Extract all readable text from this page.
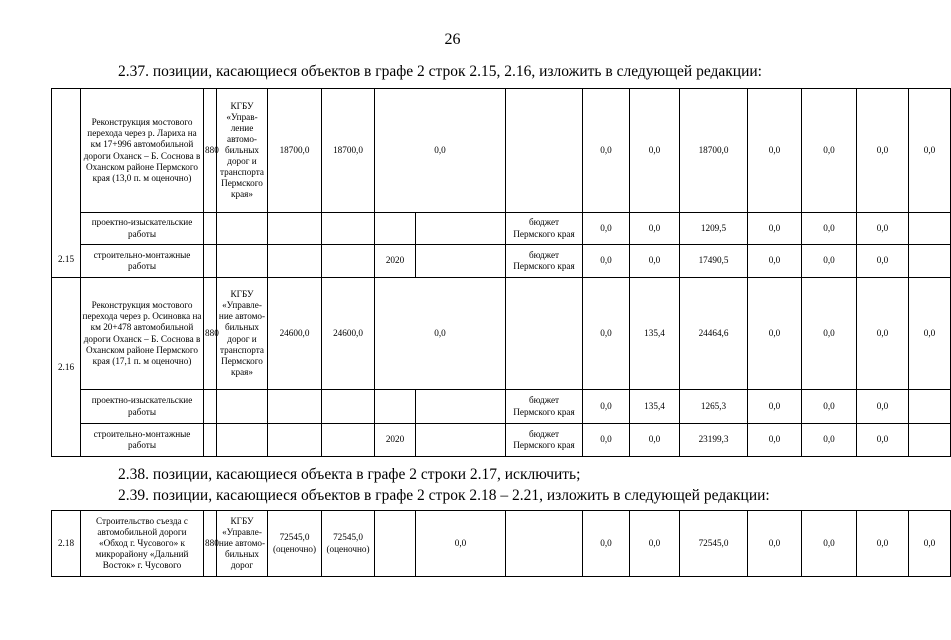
26
2.37. позиции, касающиеся объектов в графе 2 строк 2.15, 2.16, изложить в следующей редакции:
2.15	Реконструкция мостового перехода через р. Лариха на км 17+996 автомобильной дороги Оханск – Б. Соснова в Оханском районе Пермского края (13,0 п. м оценочно)	880	КГБУ «Управ-ление автомо-бильных дорог и транспорта Пермского края»	18700,0	18700,0	0,0			0,0	0,0	18700,0	0,0	0,0	0,0	0,0
	проектно-изыскательские работы							бюджет Пермского края	0,0	0,0	1209,5	0,0	0,0	0,0	
	строительно-монтажные работы					2020		бюджет Пермского края	0,0	0,0	17490,5	0,0	0,0	0,0	
2.16	Реконструкция мостового перехода через р. Осиновка на км 20+478 автомобильной дороги Оханск – Б. Соснова в Оханском районе Пермского края (17,1 п. м оценочно)	880	КГБУ «Управле-ние автомо-бильных дорог и транспорта Пермского края»	24600,0	24600,0	0,0			0,0	135,4	24464,6	0,0	0,0	0,0	0,0
	проектно-изыскательские работы							бюджет Пермского края	0,0	135,4	1265,3	0,0	0,0	0,0	
	строительно-монтажные работы					2020		бюджет Пермского края	0,0	0,0	23199,3	0,0	0,0	0,0	
2.38. позиции, касающиеся объекта в графе 2 строки 2.17, исключить;
2.39. позиции, касающиеся объектов в графе 2 строк 2.18 – 2.21, изложить в следующей редакции:
2.18	Строительство съезда с автомобильной дороги «Обход г. Чусового» к микрорайону «Дальний Восток» г. Чусового	880	КГБУ «Управле-ние автомо-бильных дорог	72545,0 (оценочно)	72545,0 (оценочно)		0,0		0,0	0,0	72545,0	0,0	0,0	0,0	0,0
